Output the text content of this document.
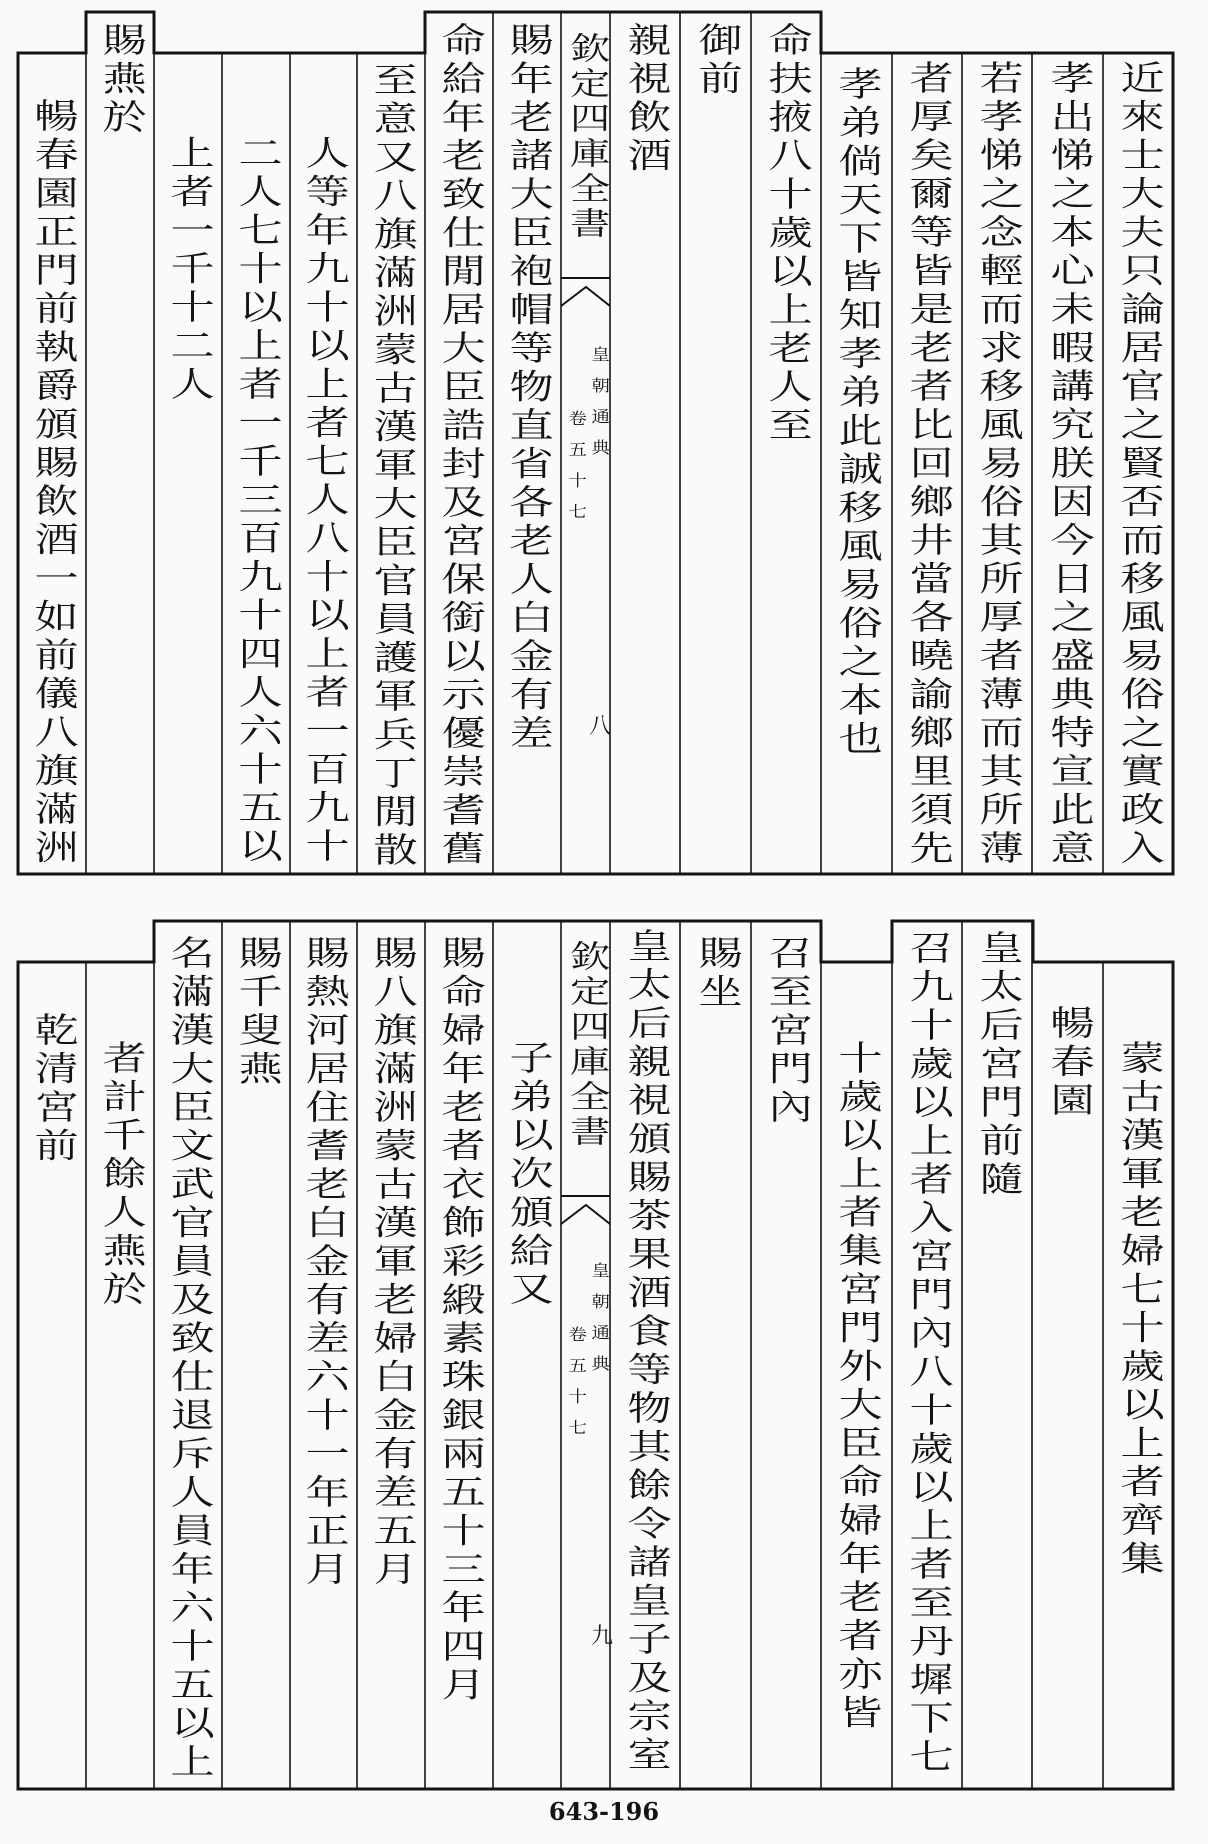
近來士大夫只論居官之賢否而移風易俗之實政入
孝出悌之本心未暇講究朕因今日之盛典特宣此意
若孝悌之念輕而求移風易俗其所厚者薄而其所薄
者厚矣爾等皆是老者比回鄉井當各曉諭鄉里須先
孝弟倘天下皆知孝弟此誠移風易俗之本也
命扶掖八十歲以上老人至
御前
親視飲酒
欽定四庫全書
皇朝通典
卷五十七
八
賜年老諸大臣袍帽等物直省各老人白金有差
命給年老致仕閒居大臣誥封及宮保銜以示優崇耆舊
至意又八旗滿洲蒙古漢軍大臣官員護軍兵丁閒散
人等年九十以上者七人八十以上者一百九十
二人七十以上者一千三百九十四人六十五以
上者一千十二人
賜燕於
暢春園正門前執爵頒賜飲酒一如前儀八旗滿洲
蒙古漢軍老婦七十歲以上者齊集
暢春園
皇太后宮門前隨
召九十歲以上者入宮門內八十歲以上者至丹墀下七
十歲以上者集宮門外大臣命婦年老者亦皆
召至宮門內
賜坐
皇太后親視頒賜茶果酒食等物其餘令諸皇子及宗室
欽定四庫全書
皇朝通典
卷五十七
九
子弟以次頒給又
賜命婦年老者衣飾彩緞素珠銀兩五十三年四月
賜八旗滿洲蒙古漢軍老婦白金有差五月
賜熱河居住耆老白金有差六十一年正月
賜千叟燕
名滿漢大臣文武官員及致仕退斥人員年六十五以上
者計千餘人燕於
乾清宮前
643-196
